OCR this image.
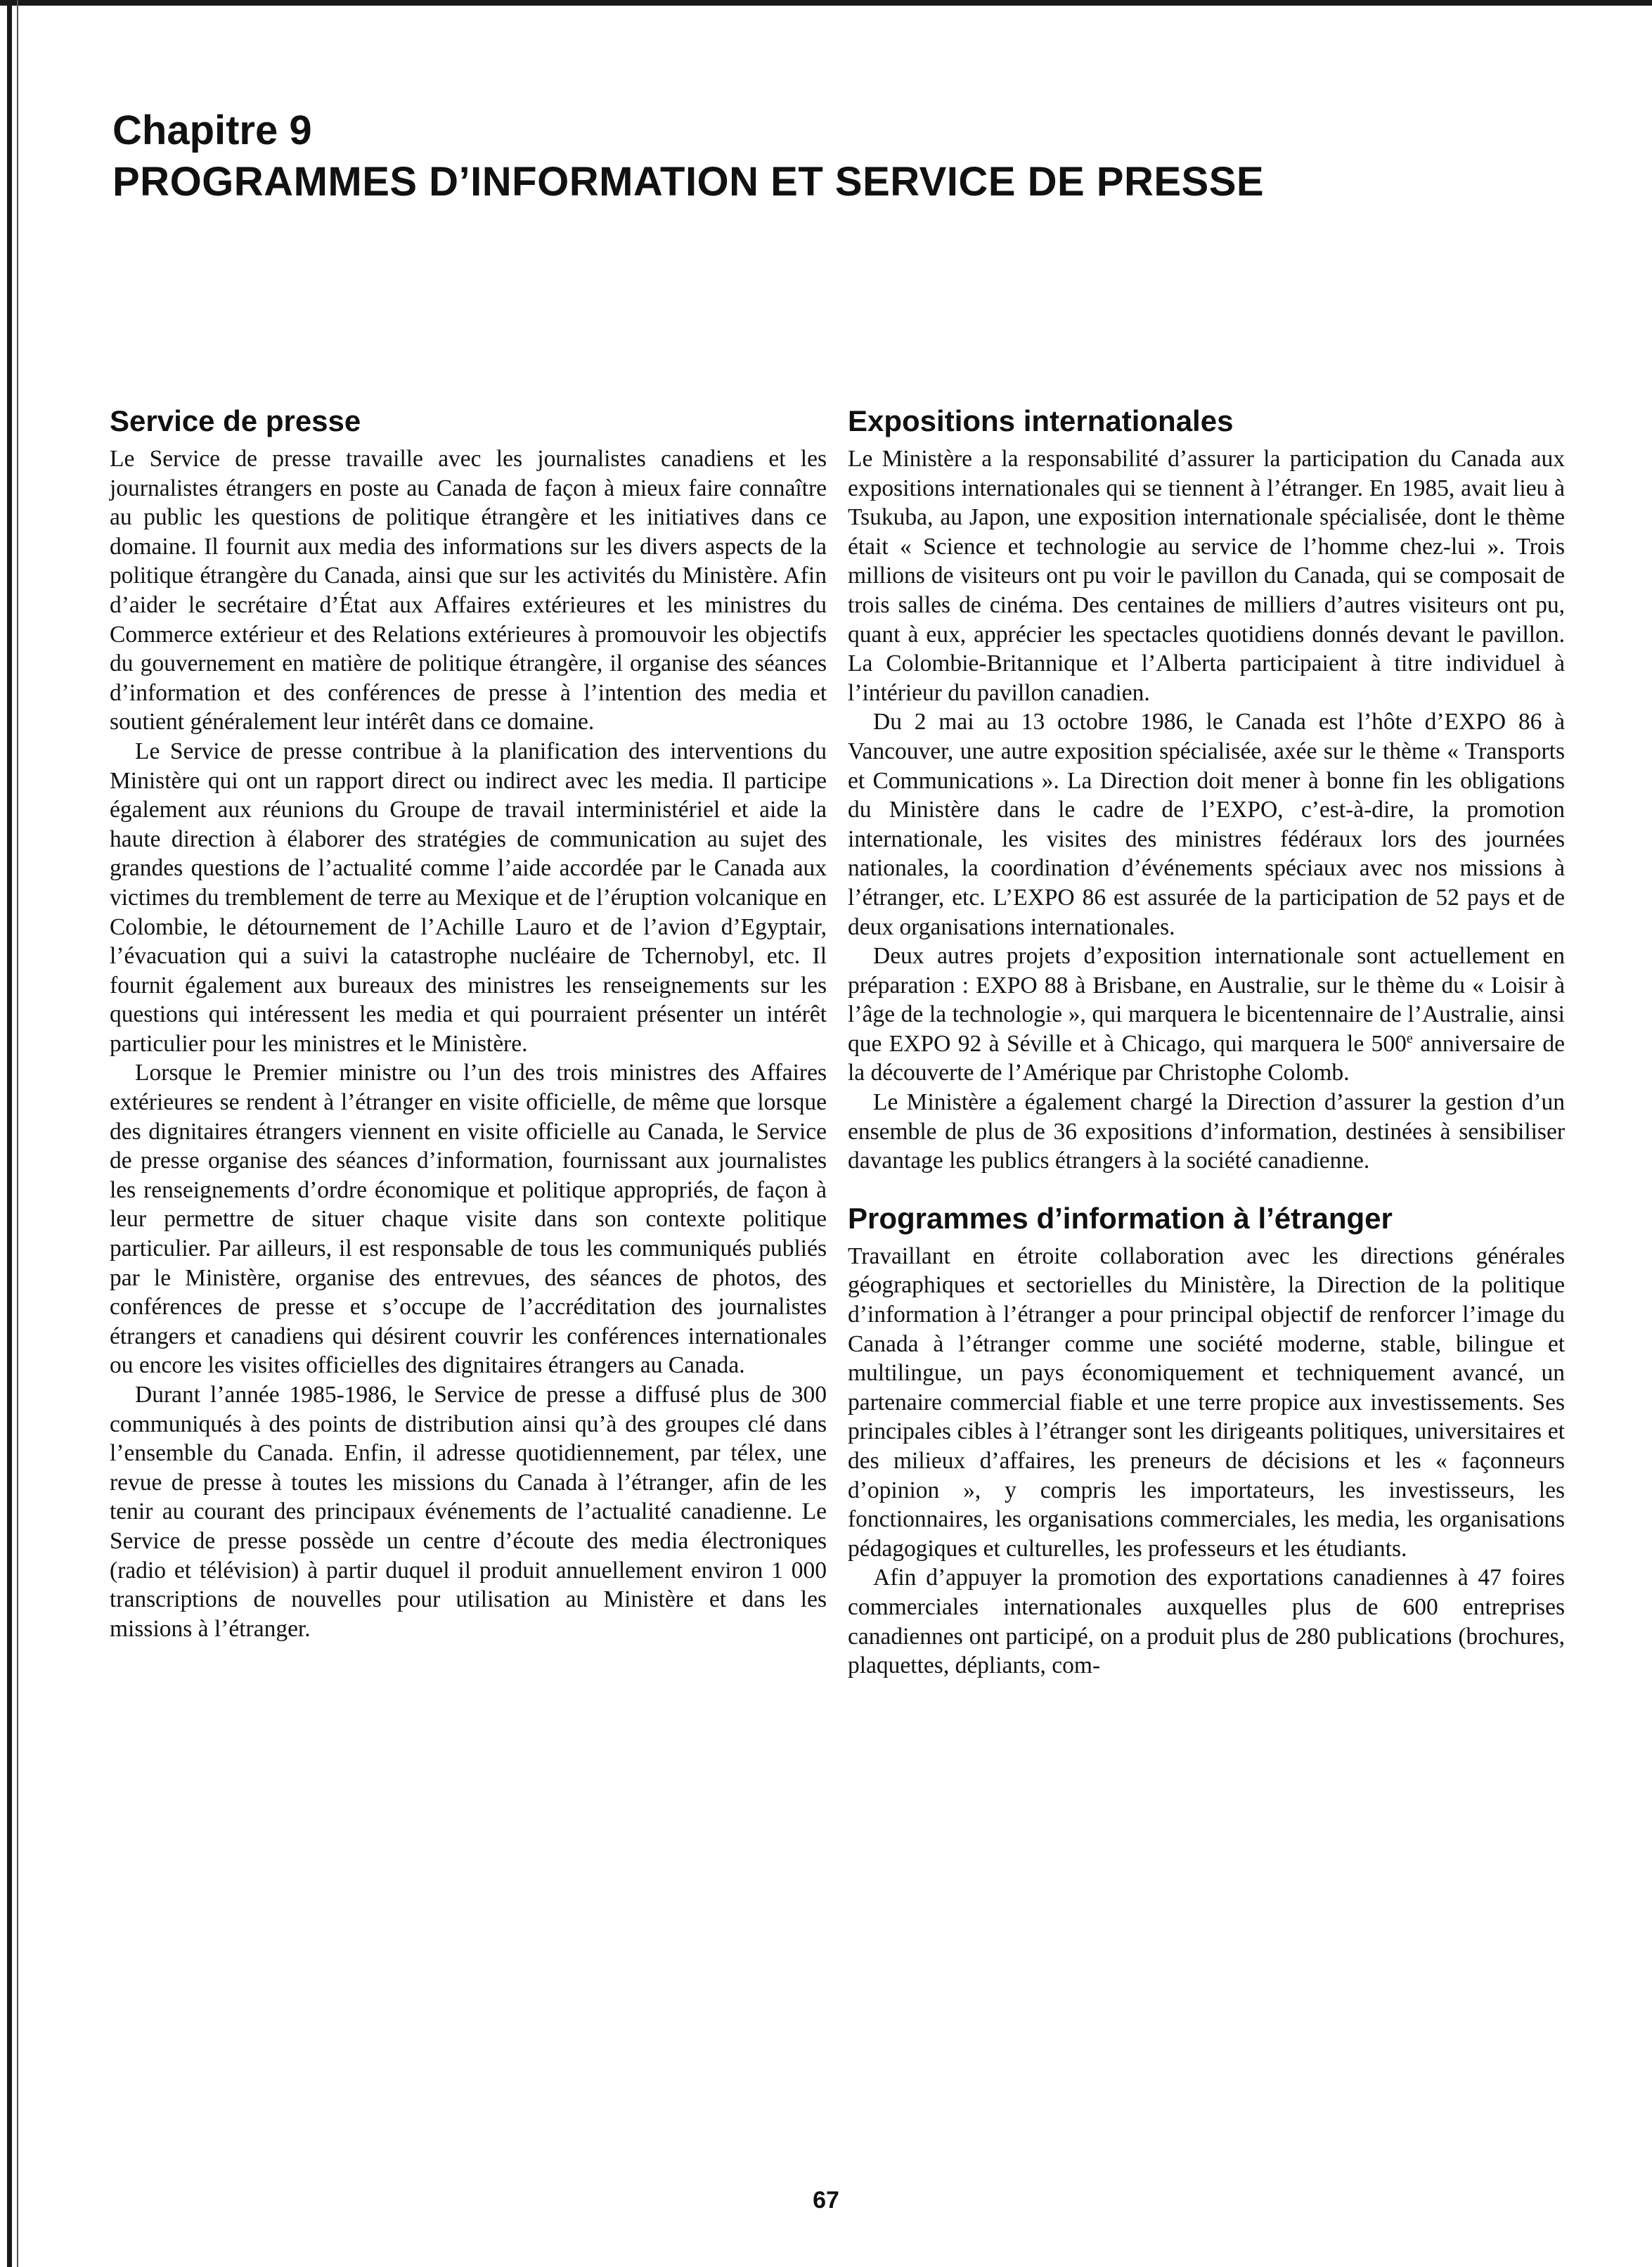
Chapitre 9
PROGRAMMES D’INFORMATION ET SERVICE DE PRESSE
Service de presse

Le Service de presse travaille avec les journalistes canadiens et les journalistes étrangers en poste au Canada de façon à mieux faire connaître au public les questions de politique étrangère et les initiatives dans ce domaine. Il fournit aux media des informations sur les divers aspects de la politique étrangère du Canada, ainsi que sur les activités du Ministère. Afin d’aider le secrétaire d’État aux Affaires extérieures et les ministres du Commerce extérieur et des Relations extérieures à promouvoir les objectifs du gouvernement en matière de politique étrangère, il organise des séances d’information et des conférences de presse à l’intention des media et soutient généralement leur intérêt dans ce domaine.

Le Service de presse contribue à la planification des interventions du Ministère qui ont un rapport direct ou indirect avec les media. Il participe également aux réunions du Groupe de travail interministériel et aide la haute direction à élaborer des stratégies de communication au sujet des grandes questions de l’actualité comme l’aide accordée par le Canada aux victimes du tremblement de terre au Mexique et de l’éruption volcanique en Colombie, le détournement de l’Achille Lauro et de l’avion d’Egyptair, l’évacuation qui a suivi la catastrophe nucléaire de Tchernobyl, etc. Il fournit également aux bureaux des ministres les renseignements sur les questions qui intéressent les media et qui pourraient présenter un intérêt particulier pour les ministres et le Ministère.

Lorsque le Premier ministre ou l’un des trois ministres des Affaires extérieures se rendent à l’étranger en visite officielle, de même que lorsque des dignitaires étrangers viennent en visite officielle au Canada, le Service de presse organise des séances d’information, fournissant aux journalistes les renseignements d’ordre économique et politique appropriés, de façon à leur permettre de situer chaque visite dans son contexte politique particulier. Par ailleurs, il est responsable de tous les communiqués publiés par le Ministère, organise des entrevues, des séances de photos, des conférences de presse et s’occupe de l’accréditation des journalistes étrangers et canadiens qui désirent couvrir les conférences internationales ou encore les visites officielles des dignitaires étrangers au Canada.

Durant l’année 1985-1986, le Service de presse a diffusé plus de 300 communiqués à des points de distribution ainsi qu’à des groupes clé dans l’ensemble du Canada. Enfin, il adresse quotidiennement, par télex, une revue de presse à toutes les missions du Canada à l’étranger, afin de les tenir au courant des principaux événements de l’actualité canadienne. Le Service de presse possède un centre d’écoute des media électroniques (radio et télévision) à partir duquel il produit annuellement environ 1 000 transcriptions de nouvelles pour utilisation au Ministère et dans les missions à l’étranger.

Expositions internationales

Le Ministère a la responsabilité d’assurer la participation du Canada aux expositions internationales qui se tiennent à l’étranger. En 1985, avait lieu à Tsukuba, au Japon, une exposition internationale spécialisée, dont le thème était « Science et technologie au service de l’homme chez-lui ». Trois millions de visiteurs ont pu voir le pavillon du Canada, qui se composait de trois salles de cinéma. Des centaines de milliers d’autres visiteurs ont pu, quant à eux, apprécier les spectacles quotidiens donnés devant le pavillon. La Colombie-Britannique et l’Alberta participaient à titre individuel à l’intérieur du pavillon canadien.

Du 2 mai au 13 octobre 1986, le Canada est l’hôte d’EXPO 86 à Vancouver, une autre exposition spécialisée, axée sur le thème « Transports et Communications ». La Direction doit mener à bonne fin les obligations du Ministère dans le cadre de l’EXPO, c’est-à-dire, la promotion internationale, les visites des ministres fédéraux lors des journées nationales, la coordination d’événements spéciaux avec nos missions à l’étranger, etc. L’EXPO 86 est assurée de la participation de 52 pays et de deux organisations internationales.

Deux autres projets d’exposition internationale sont actuellement en préparation : EXPO 88 à Brisbane, en Australie, sur le thème du « Loisir à l’âge de la technologie », qui marquera le bicentennaire de l’Australie, ainsi que EXPO 92 à Séville et à Chicago, qui marquera le 500e anniversaire de la découverte de l’Amérique par Christophe Colomb.

Le Ministère a également chargé la Direction d’assurer la gestion d’un ensemble de plus de 36 expositions d’information, destinées à sensibiliser davantage les publics étrangers à la société canadienne.

Programmes d’information à l’étranger

Travaillant en étroite collaboration avec les directions générales géographiques et sectorielles du Ministère, la Direction de la politique d’information à l’étranger a pour principal objectif de renforcer l’image du Canada à l’étranger comme une société moderne, stable, bilingue et multilingue, un pays économiquement et techniquement avancé, un partenaire commercial fiable et une terre propice aux investissements. Ses principales cibles à l’étranger sont les dirigeants politiques, universitaires et des milieux d’affaires, les preneurs de décisions et les « façonneurs d’opinion », y compris les importateurs, les investisseurs, les fonctionnaires, les organisations commerciales, les media, les organisations pédagogiques et culturelles, les professeurs et les étudiants.

Afin d’appuyer la promotion des exportations canadiennes à 47 foires commerciales internationales auxquelles plus de 600 entreprises canadiennes ont participé, on a produit plus de 280 publications (brochures, plaquettes, dépliants, com-

67
